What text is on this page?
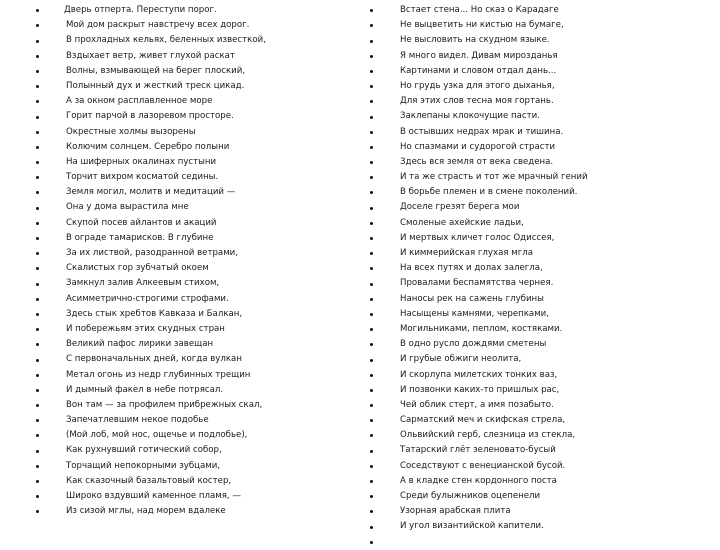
Дверь отперта. Переступи порог.
Мой дом раскрыт навстречу всех дорог.
В прохладных кельях, беленных известкой,
Вздыхает ветр, живет глухой раскат
Волны, взмывающей на берег плоский,
Полынный дух и жесткий треск цикад.
А за окном расплавленное море
Горит парчой в лазоревом просторе.
Окрестные холмы вызорены
Колючим солнцем. Серебро полыни
На шиферных окалинах пустыни
Торчит вихром косматой седины.
Земля могил, молитв и медитаций —
Она у дома вырастила мне
Скупой посев айлантов и акаций
В ограде тамарисков. В глубине
За их листвой, разодранной ветрами,
Скалистых гор зубчатый окоем
Замкнул залив Алкеевым стихом,
Асимметрично-строгими строфами.
Здесь стык хребтов Кавказа и Балкан,
И побережьям этих скудных стран
Великий пафос лирики завещан
С первоначальных дней, когда вулкан
Метал огонь из недр глубинных трещин
И дымный факел в небе потрясал.
Вон там — за профилем прибрежных скал,
Запечатлевшим некое подобье
(Мой лоб, мой нос, ощечье и подлобье),
Как рухнувший готический собор,
Торчащий непокорными зубцами,
Как сказочный базальтовый костер,
Широко вздувший каменное пламя, —
Из сизой мглы, над морем вдалеке
Встает стена... Но сказ о Карадаге
Не выцветить ни кистью на бумаге,
Не высловить на скудном языке.
Я много видел. Дивам мирозданья
Картинами и словом отдал дань...
Но грудь узка для этого дыханья,
Для этих слов тесна моя гортань.
Заклепаны клокочущие пасти.
В остывших недрах мрак и тишина.
Но спазмами и судорогой страсти
Здесь вся земля от века сведена.
И та же страсть и тот же мрачный гений
В борьбе племен и в смене поколений.
Доселе грезят берега мои
Смоленые ахейские ладьи,
И мертвых кличет голос Одиссея,
И киммерийская глухая мгла
На всех путях и долах залегла,
Провалами беспамятства чернея.
Наносы рек на сажень глубины
Насыщены камнями, черепками,
Могильниками, пеплом, костяками.
В одно русло дождями сметены
И грубые обжиги неолита,
И скорлупа милетских тонких ваз,
И позвонки каких-то пришлых рас,
Чей облик стерт, а имя позабыто.
Сарматский меч и скифская стрела,
Ольвийский герб, слезница из стекла,
Татарский глёт зеленовато-бусый
Соседствуют с венецианской бусой.
А в кладке стен кордонного поста
Среди булыжников оцепенели
Узорная арабская плита
И угол византийской капители.
